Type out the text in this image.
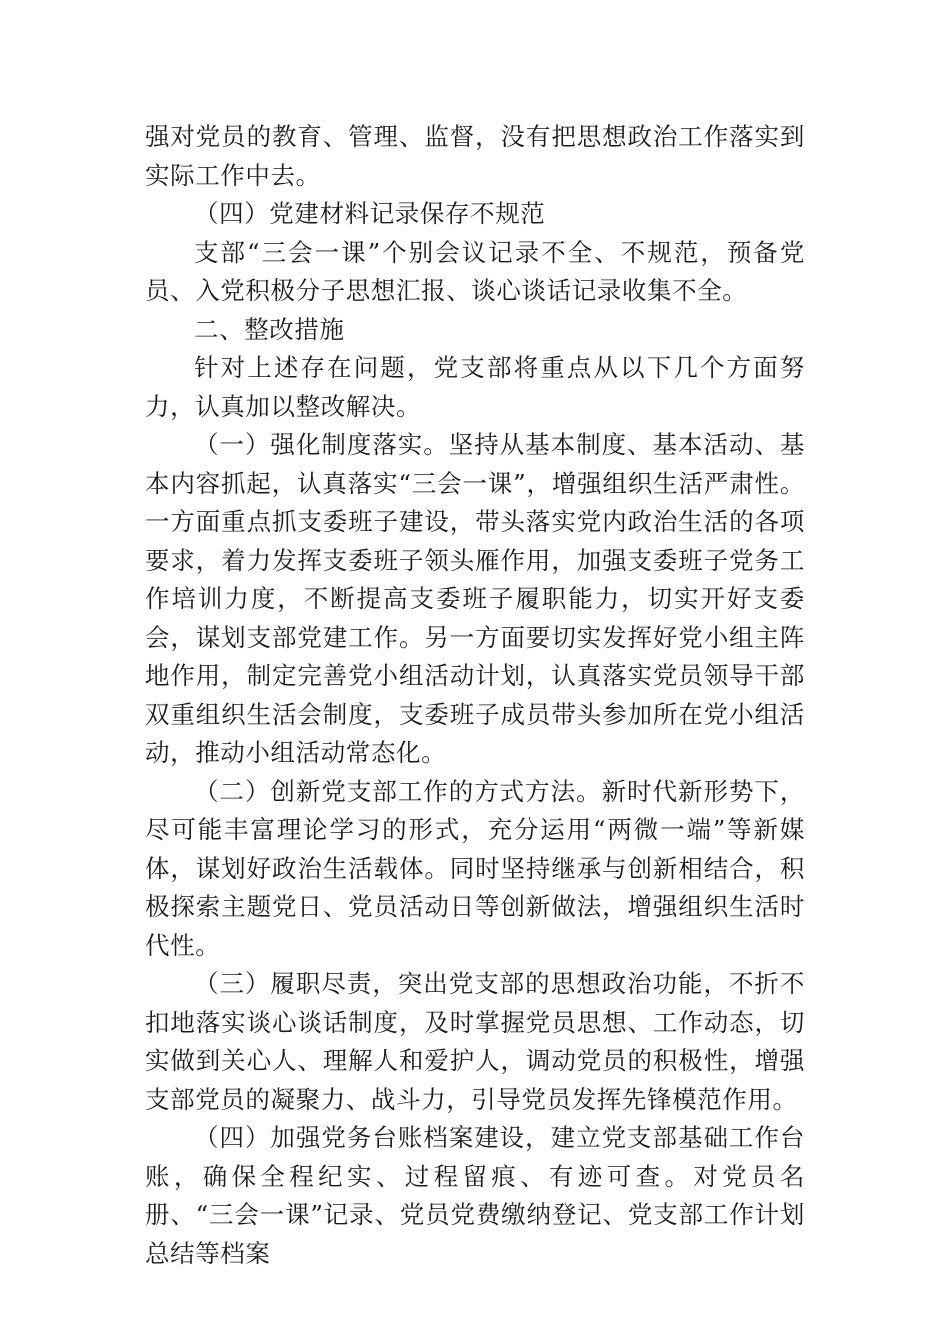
强对党员的教育、管理、监督，没有把思想政治工作落实到实际工作中去。

（四）党建材料记录保存不规范

支部“三会一课”个别会议记录不全、不规范，预备党员、入党积极分子思想汇报、谈心谈话记录收集不全。

二、整改措施

针对上述存在问题，党支部将重点从以下几个方面努力，认真加以整改解决。

（一）强化制度落实。坚持从基本制度、基本活动、基本内容抓起，认真落实“三会一课”，增强组织生活严肃性。一方面重点抓支委班子建设，带头落实党内政治生活的各项要求，着力发挥支委班子领头雁作用，加强支委班子党务工作培训力度，不断提高支委班子履职能力，切实开好支委会，谋划支部党建工作。另一方面要切实发挥好党小组主阵地作用，制定完善党小组活动计划，认真落实党员领导干部双重组织生活会制度，支委班子成员带头参加所在党小组活动，推动小组活动常态化。

（二）创新党支部工作的方式方法。新时代新形势下，尽可能丰富理论学习的形式，充分运用“两微一端”等新媒体，谋划好政治生活载体。同时坚持继承与创新相结合，积极探索主题党日、党员活动日等创新做法，增强组织生活时代性。

（三）履职尽责，突出党支部的思想政治功能，不折不扣地落实谈心谈话制度，及时掌握党员思想、工作动态，切实做到关心人、理解人和爱护人，调动党员的积极性，增强支部党员的凝聚力、战斗力，引导党员发挥先锋模范作用。

（四）加强党务台账档案建设，建立党支部基础工作台账，确保全程纪实、过程留痕、有迹可查。对党员名册、“三会一课”记录、党员党费缴纳登记、党支部工作计划总结等档案
